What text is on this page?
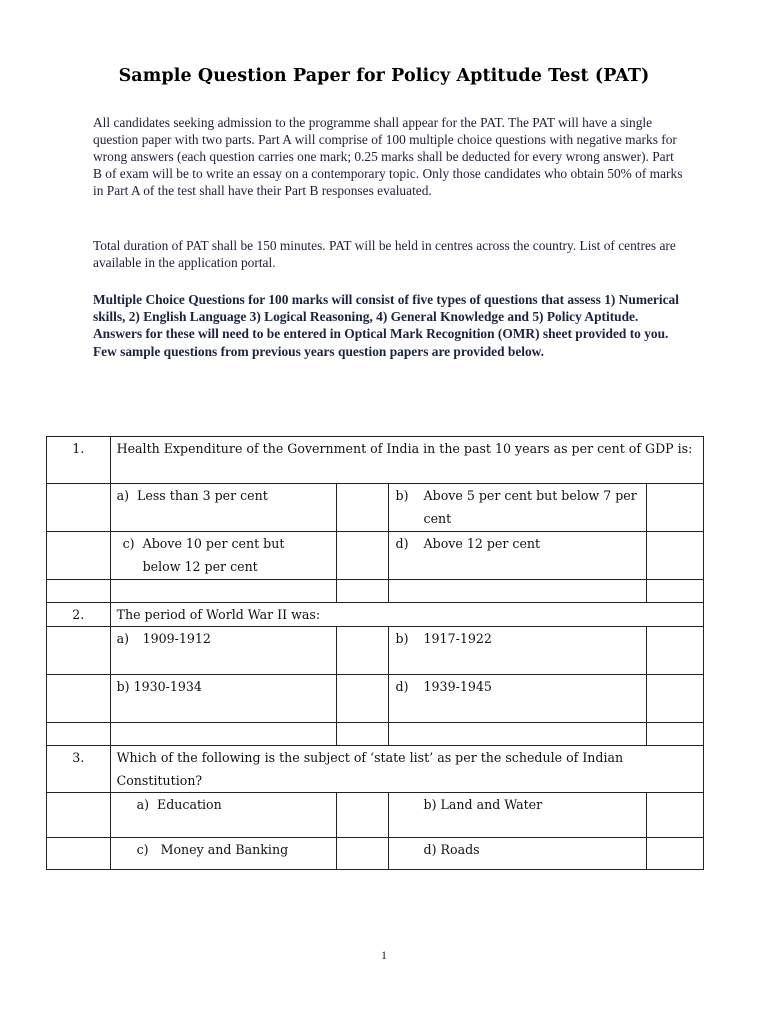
Sample Question Paper for Policy Aptitude Test (PAT)
All candidates seeking admission to the programme shall appear for the PAT. The PAT will have a single question paper with two parts. Part A will comprise of 100 multiple choice questions with negative marks for wrong answers (each question carries one mark; 0.25 marks shall be deducted for every wrong answer). Part B of exam will be to write an essay on a contemporary topic. Only those candidates who obtain 50% of marks in Part A of the test shall have their Part B responses evaluated.
Total duration of PAT shall be 150 minutes. PAT will be held in centres across the country. List of centres are available in the application portal.
Multiple Choice Questions for 100 marks will consist of five types of questions that assess 1) Numerical skills, 2) English Language 3) Logical Reasoning, 4) General Knowledge and 5) Policy Aptitude. Answers for these will need to be entered in Optical Mark Recognition (OMR) sheet provided to you. Few sample questions from previous years question papers are provided below.
1.	Health Expenditure of the Government of India in the past 10 years as per cent of GDP is:			
	a) Less than 3 per cent		b) Above 5 per cent but below 7 per cent	

	c) Above 10 per cent but below 12 per cent		d) Above 12 per cent	

2.	The period of World War II was:			
	a) 1909-1912		b) 1917-1922	
	b) 1930-1934		d) 1939-1945	

3.	Which of the following is the subject of ‘state list’ as per the schedule of Indian Constitution?			
	a) Education		b) Land and Water	
	c) Money and Banking		d) Roads	
1
